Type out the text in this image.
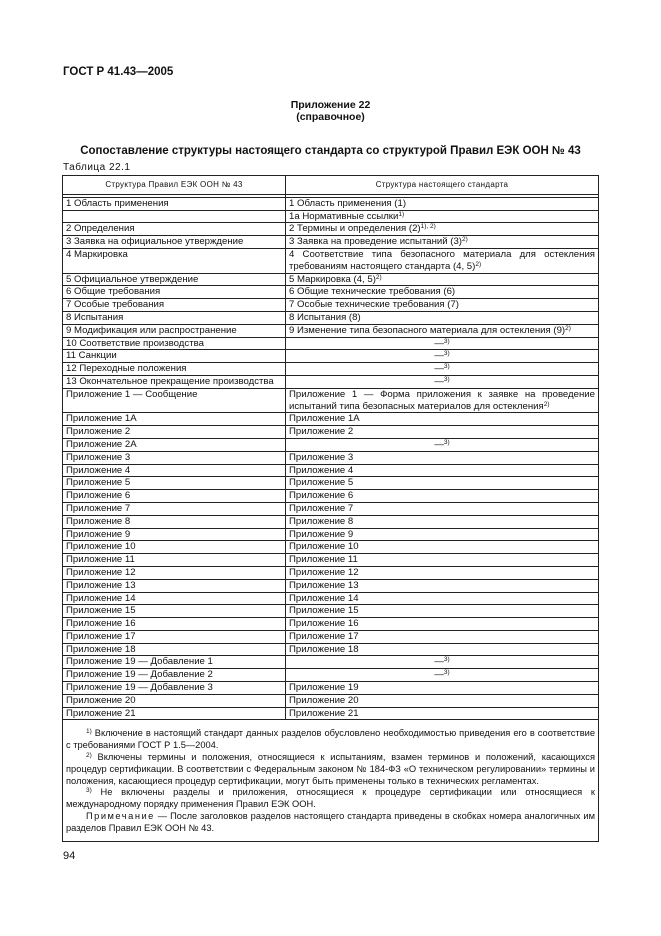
ГОСТ Р 41.43—2005
Приложение 22
(справочное)
Сопоставление структуры настоящего стандарта со структурой Правил ЕЭК ООН № 43
Таблица 22.1
Структура Правил ЕЭК ООН № 43	Структура настоящего стандарта

1 Область применения	1 Область применения (1)
	1а Нормативные ссылки$^{1)}$
2 Определения	2 Термины и определения $(2)^{1), 2)}$
3 Заявка на официальное утверждение	3 Заявка на проведение испытаний $(3)^{2)}$
4 Маркировка	4 Соответствие типа безопасного материала для остекления требованиям настоящего стандарта (4, 5)$^{2)}$
5 Официальное утверждение	5 Маркировка (4, 5)$^{2)}$
6 Общие требования	6 Общие технические требования (6)
7 Особые требования	7 Особые технические требования (7)
8 Испытания	8 Испытания (8)
9 Модификация или распространение	9 Изменение типа безопасного материала для остекления $(9)^{2)}$
10 Соответствие производства	—$^{3)}$
11 Санкции	—$^{3)}$
12 Переходные положения	—$^{3)}$
13 Окончательное прекращение производства	—$^{3)}$
Приложение 1 — Сообщение	Приложение 1 — Форма приложения к заявке на проведение испытаний типа безопасных материалов для остекления$^{2)}$
Приложение 1А	Приложение 1А
Приложение 2	Приложение 2
Приложение 2А	—$^{3)}$
Приложение 3	Приложение 3
Приложение 4	Приложение 4
Приложение 5	Приложение 5
Приложение 6	Приложение 6
Приложение 7	Приложение 7
Приложение 8	Приложение 8
Приложение 9	Приложение 9
Приложение 10	Приложение 10
Приложение 11	Приложение 11
Приложение 12	Приложение 12
Приложение 13	Приложение 13
Приложение 14	Приложение 14
Приложение 15	Приложение 15
Приложение 16	Приложение 16
Приложение 17	Приложение 17
Приложение 18	Приложение 18
Приложение 19 — Добавление 1	—$^{3)}$
Приложение 19 — Добавление 2	—$^{3)}$
Приложение 19 — Добавление 3	Приложение 19
Приложение 20	Приложение 20
Приложение 21	Приложение 21

$^{1)}$ Включение в настоящий стандарт данных разделов обусловлено необходимостью приведения его в соответствие с требованиями ГОСТ Р 1.5—2004.

$^{2)}$ Включены термины и положения, относящиеся к испытаниям, взамен терминов и положений, касающихся процедур сертификации. В соответствии с Федеральным законом № 184-ФЗ «О техническом регулировании» термины и положения, касающиеся процедур сертификации, могут быть применены только в технических регламентах.

$^{3)}$ Не включены разделы и приложения, относящиеся к процедуре сертификации или относящиеся к международному порядку применения Правил ЕЭК ООН.

Примечание — После заголовков разделов настоящего стандарта приведены в скобках номера аналогичных им разделов Правил ЕЭК ООН № 43.	

94
